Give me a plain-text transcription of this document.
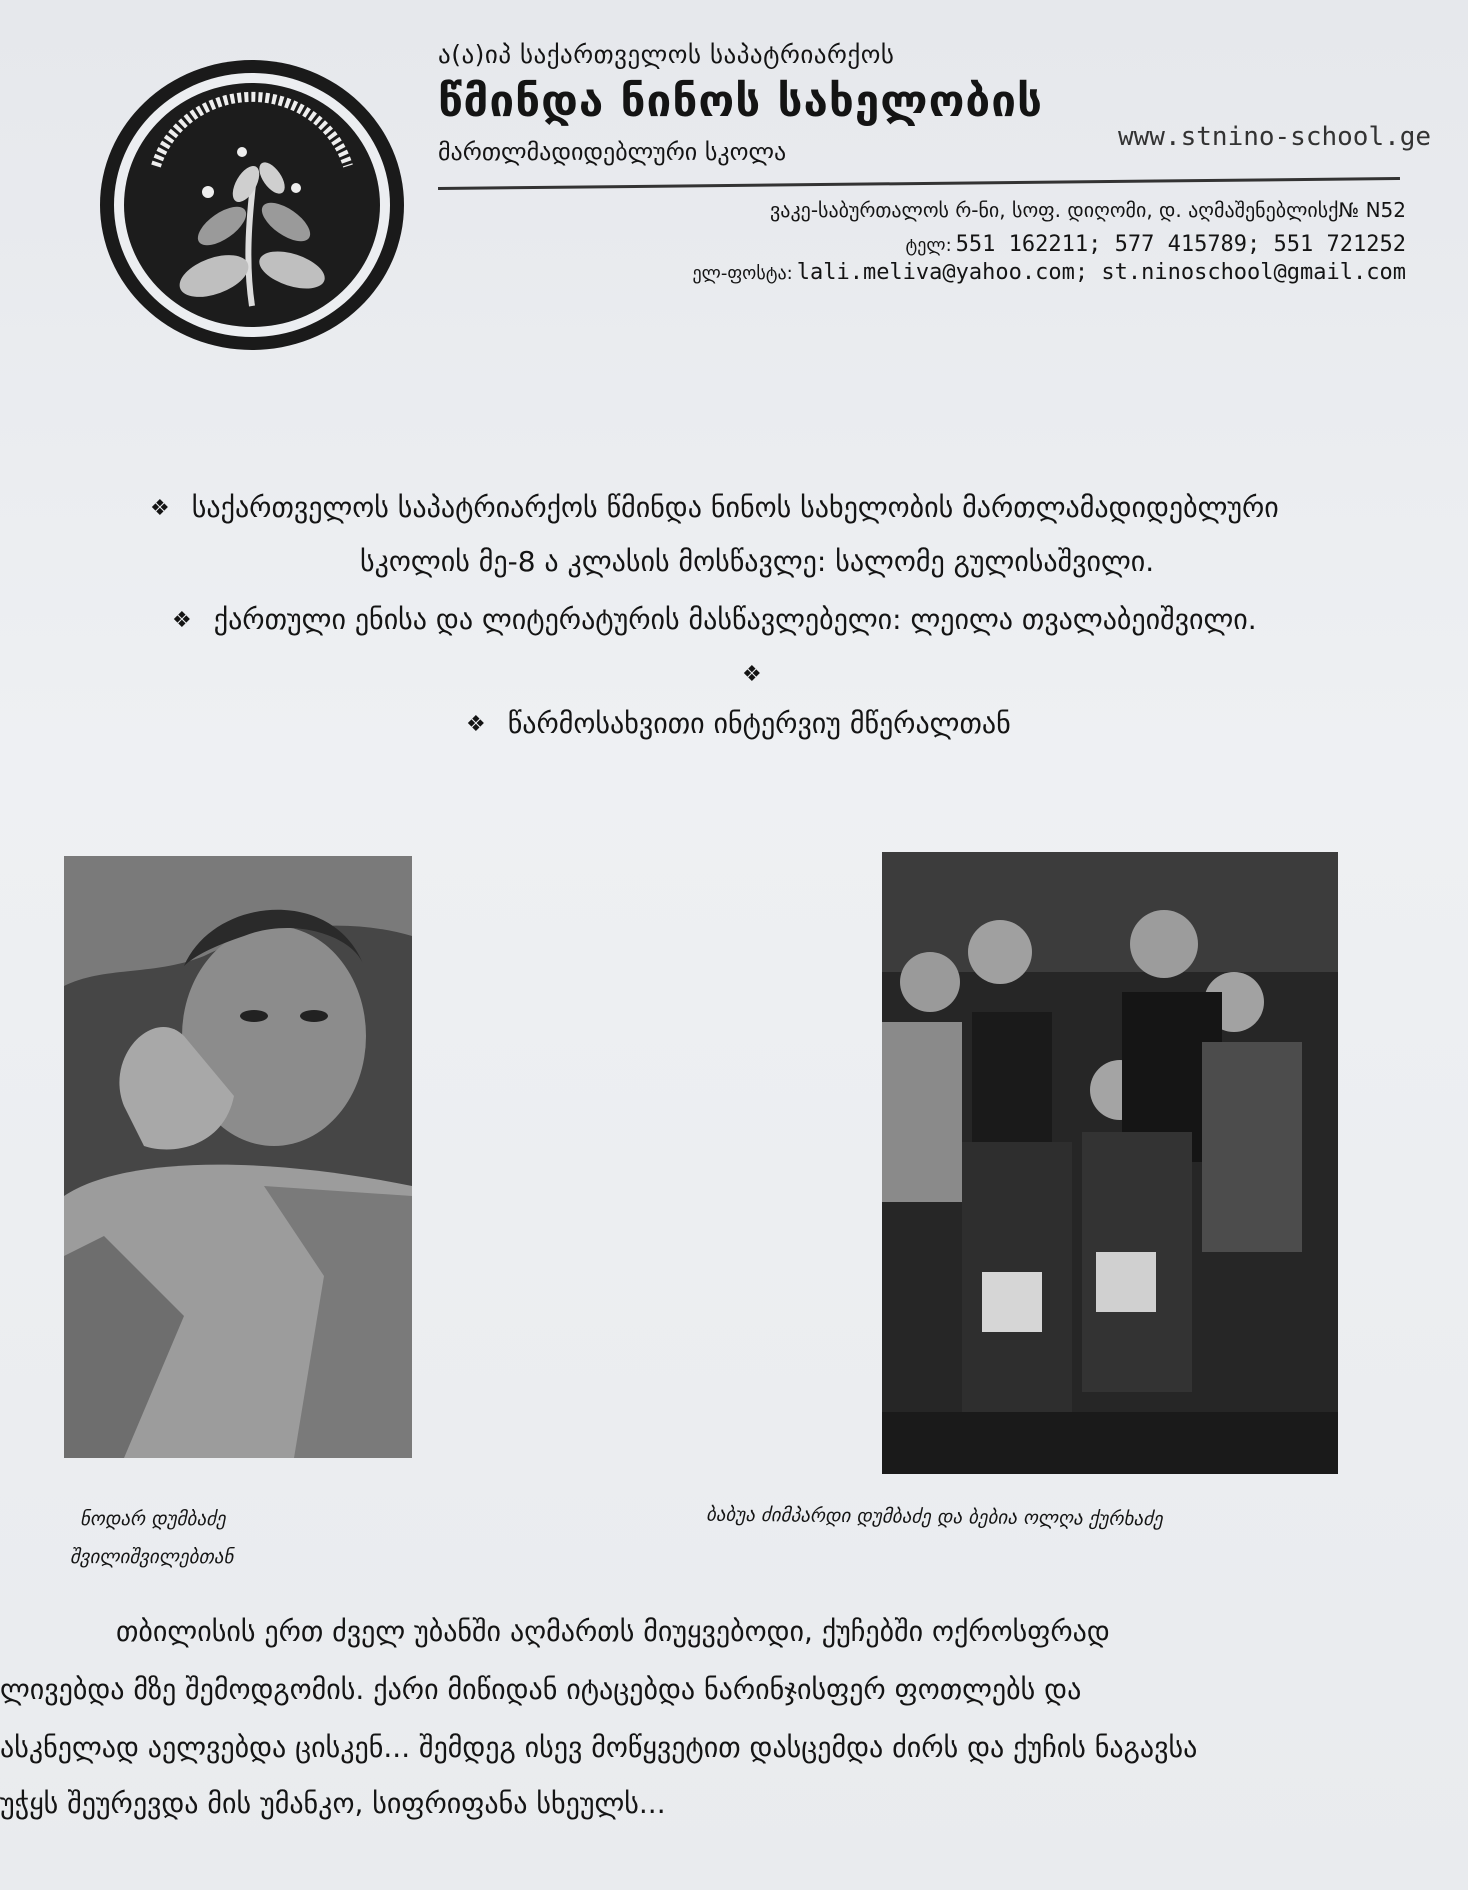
ა(ა)იპ საქართველოს საპატრიარქოს
წმინდა ნინოს სახელობის
მართლმადიდებლური სკოლა	www.stnino-school.ge
ვაკე-საბურთალოს რ-ნი, სოფ. დიღომი, დ. აღმაშენებლისქ№ N52
ტელ: 551 162211; 577 415789; 551 721252
ელ-ფოსტა: lali.meliva@yahoo.com; st.ninoschool@gmail.com
❖ საქართველოს საპატრიარქოს წმინდა ნინოს სახელობის მართლამადიდებლური
სკოლის მე-8 ა კლასის მოსწავლე: სალომე გულისაშვილი.
❖ ქართული ენისა და ლიტერატურის მასწავლებელი: ლეილა თვალაბეიშვილი.
❖
❖ წარმოსახვითი ინტერვიუ მწერალთან
ნოდარ დუმბაძე
შვილიშვილებთან
ბაბუა ძიმპარდი დუმბაძე და ბებია ოლღა ქურხაძე
თბილისის ერთ ძველ უბანში აღმართს მიუყვებოდი, ქუჩებში ოქროსფრად
ლივებდა მზე შემოდგომის. ქარი მიწიდან იტაცებდა ნარინჯისფერ ფოთლებს და
ასკნელად აელვებდა ცისკენ... შემდეგ ისევ მოწყვეტით დასცემდა ძირს და ქუჩის ნაგავსა
უჭყს შეურევდა მის უმანკო, სიფრიფანა სხეულს...
